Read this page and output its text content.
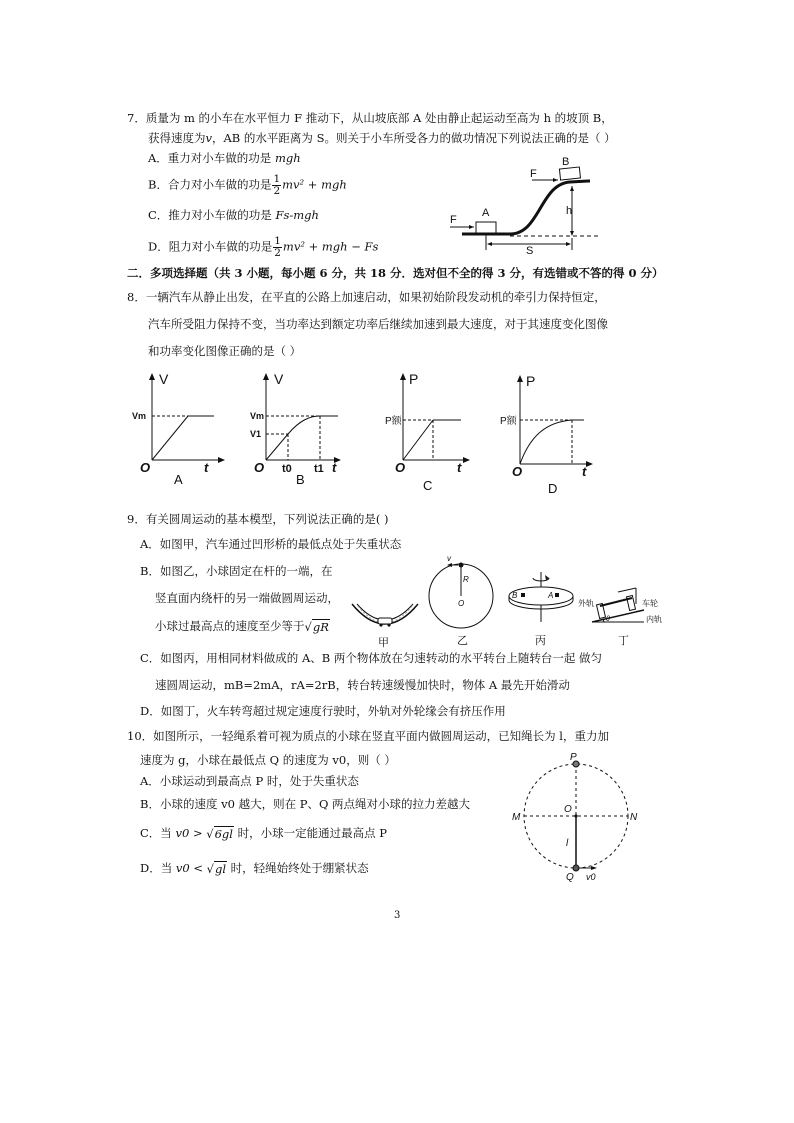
7．质量为 m 的小车在水平恒力 F 推动下，从山坡底部 A 处由静止起运动至高为 h 的坡顶 B，
获得速度为v，AB 的水平距离为 S。则关于小车所受各力的做功情况下列说法正确的是（ ）
A．重力对小车做的功是 mgh
B．合力对小车做的功是 $\frac{1}{2} mv^2$ + mgh
C．推力对小车做的功是 Fs-mgh
D．阻力对小车做的功是 $\frac{1}{2} mv^2$ + mgh − Fs
F
A
F
B
h
S
二．多项选择题（共 3 小题，每小题 6 分，共 18 分．选对但不全的得 3 分，有选错或不答的得 0 分）
8．一辆汽车从静止出发，在平直的公路上加速启动，如果初始阶段发动机的牵引力保持恒定，
汽车所受阻力保持不变，当功率达到额定功率后继续加速到最大速度，对于其速度变化图像
和功率变化图像正确的是（ ）
V
Vm
O	t
A
V
Vm
V1
O t0 t1 t
B
P
P额
O	t
C
P
P额
O	t
D
9．有关圆周运动的基本模型，下列说法正确的是( )
A．如图甲，汽车通过凹形桥的最低点处于失重状态
B．如图乙，小球固定在杆的一端，在
竖直面内绕杆的另一端做圆周运动，
小球过最高点的速度至少等于√gR
甲
v
R
O
乙
B	A
丙
外轨	车轮
内轨
θ
丁
C．如图丙，用相同材料做成的 A、B 两个物体放在匀速转动的水平转台上随转台一起 做匀
速圆周运动，mB=2mA，rA=2rB，转台转速缓慢加快时，物体 A 最先开始滑动
D．如图丁，火车转弯超过规定速度行驶时，外轨对外轮缘会有挤压作用
10．如图所示，一轻绳系着可视为质点的小球在竖直平面内做圆周运动，已知绳长为 l，重力加
速度为 g，小球在最低点 Q 的速度为 v0，则（ ）
A．小球运动到最高点 P 时，处于失重状态
B．小球的速度 v0 越大，则在 P、Q 两点绳对小球的拉力差越大
C．当 v0 > √6gl 时，小球一定能通过最高点 P
D．当 v0 < √gl 时，轻绳始终处于绷紧状态
P
M	N
O
l
Q v0
3
